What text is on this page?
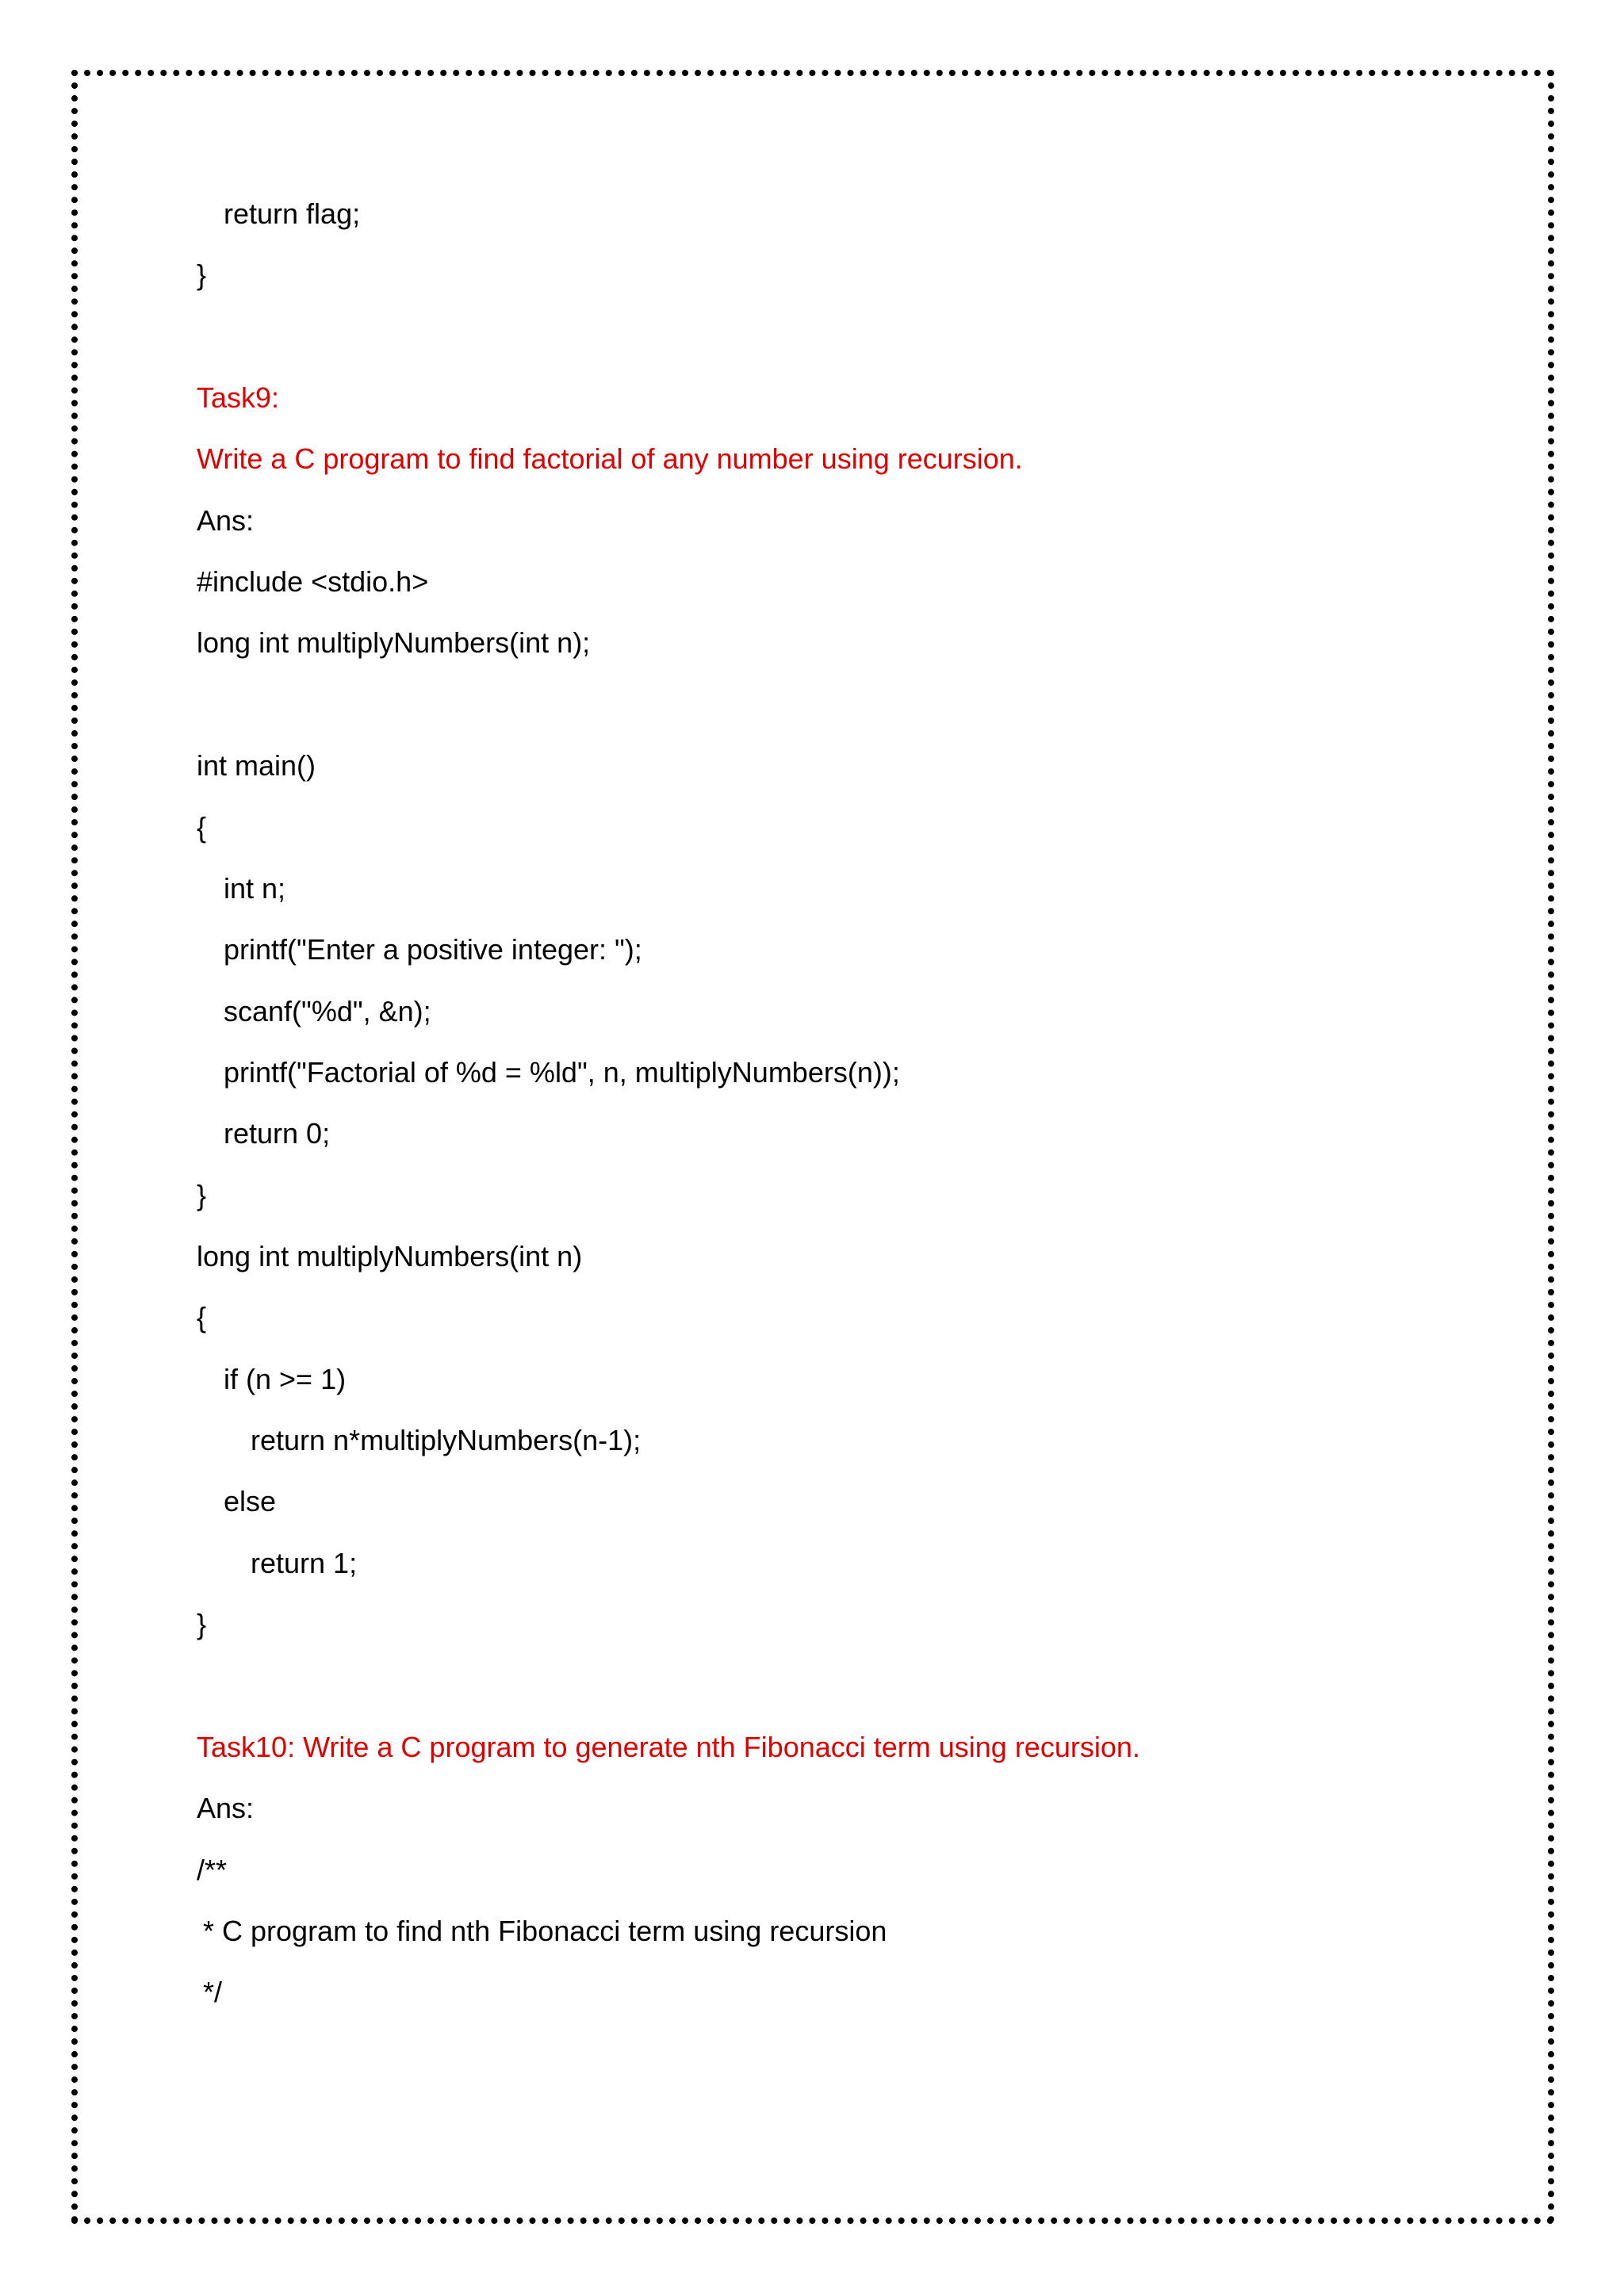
return flag;

}

Task9:

Write a C program to find factorial of any number using recursion.

Ans:

#include <stdio.h>

long int multiplyNumbers(int n);

int main()

{

int n;

printf("Enter a positive integer: ");

scanf("%d", &n);

printf("Factorial of %d = %ld", n, multiplyNumbers(n));

return 0;

}

long int multiplyNumbers(int n)

{

if (n >= 1)

return n*multiplyNumbers(n-1);

else

return 1;

}

Task10: Write a C program to generate nth Fibonacci term using recursion.

Ans:

/**

* C program to find nth Fibonacci term using recursion

*/
